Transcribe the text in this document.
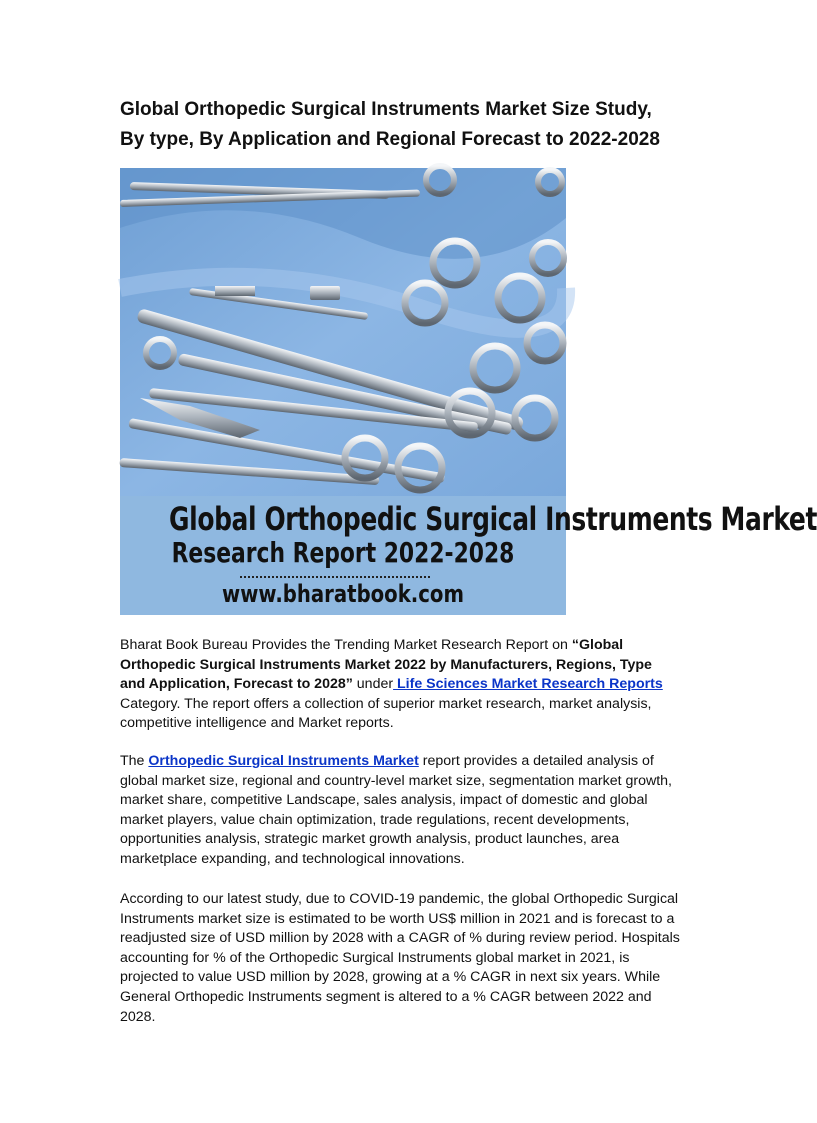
Global Orthopedic Surgical Instruments Market Size Study, By type, By Application and Regional Forecast to 2022-2028
Global Orthopedic Surgical Instruments Market
Research Report 2022-2028
www.bharatbook.com

Bharat Book Bureau Provides the Trending Market Research Report on “Global Orthopedic Surgical Instruments Market 2022 by Manufacturers, Regions, Type and Application, Forecast to 2028” under Life Sciences Market Research Reports Category. The report offers a collection of superior market research, market analysis, competitive intelligence and Market reports.

The Orthopedic Surgical Instruments Market report provides a detailed analysis of global market size, regional and country-level market size, segmentation market growth, market share, competitive Landscape, sales analysis, impact of domestic and global market players, value chain optimization, trade regulations, recent developments, opportunities analysis, strategic market growth analysis, product launches, area marketplace expanding, and technological innovations.

According to our latest study, due to COVID-19 pandemic, the global Orthopedic Surgical Instruments market size is estimated to be worth US$ million in 2021 and is forecast to a readjusted size of USD million by 2028 with a CAGR of % during review period. Hospitals accounting for % of the Orthopedic Surgical Instruments global market in 2021, is projected to value USD million by 2028, growing at a % CAGR in next six years. While General Orthopedic Instruments segment is altered to a % CAGR between 2022 and 2028.
